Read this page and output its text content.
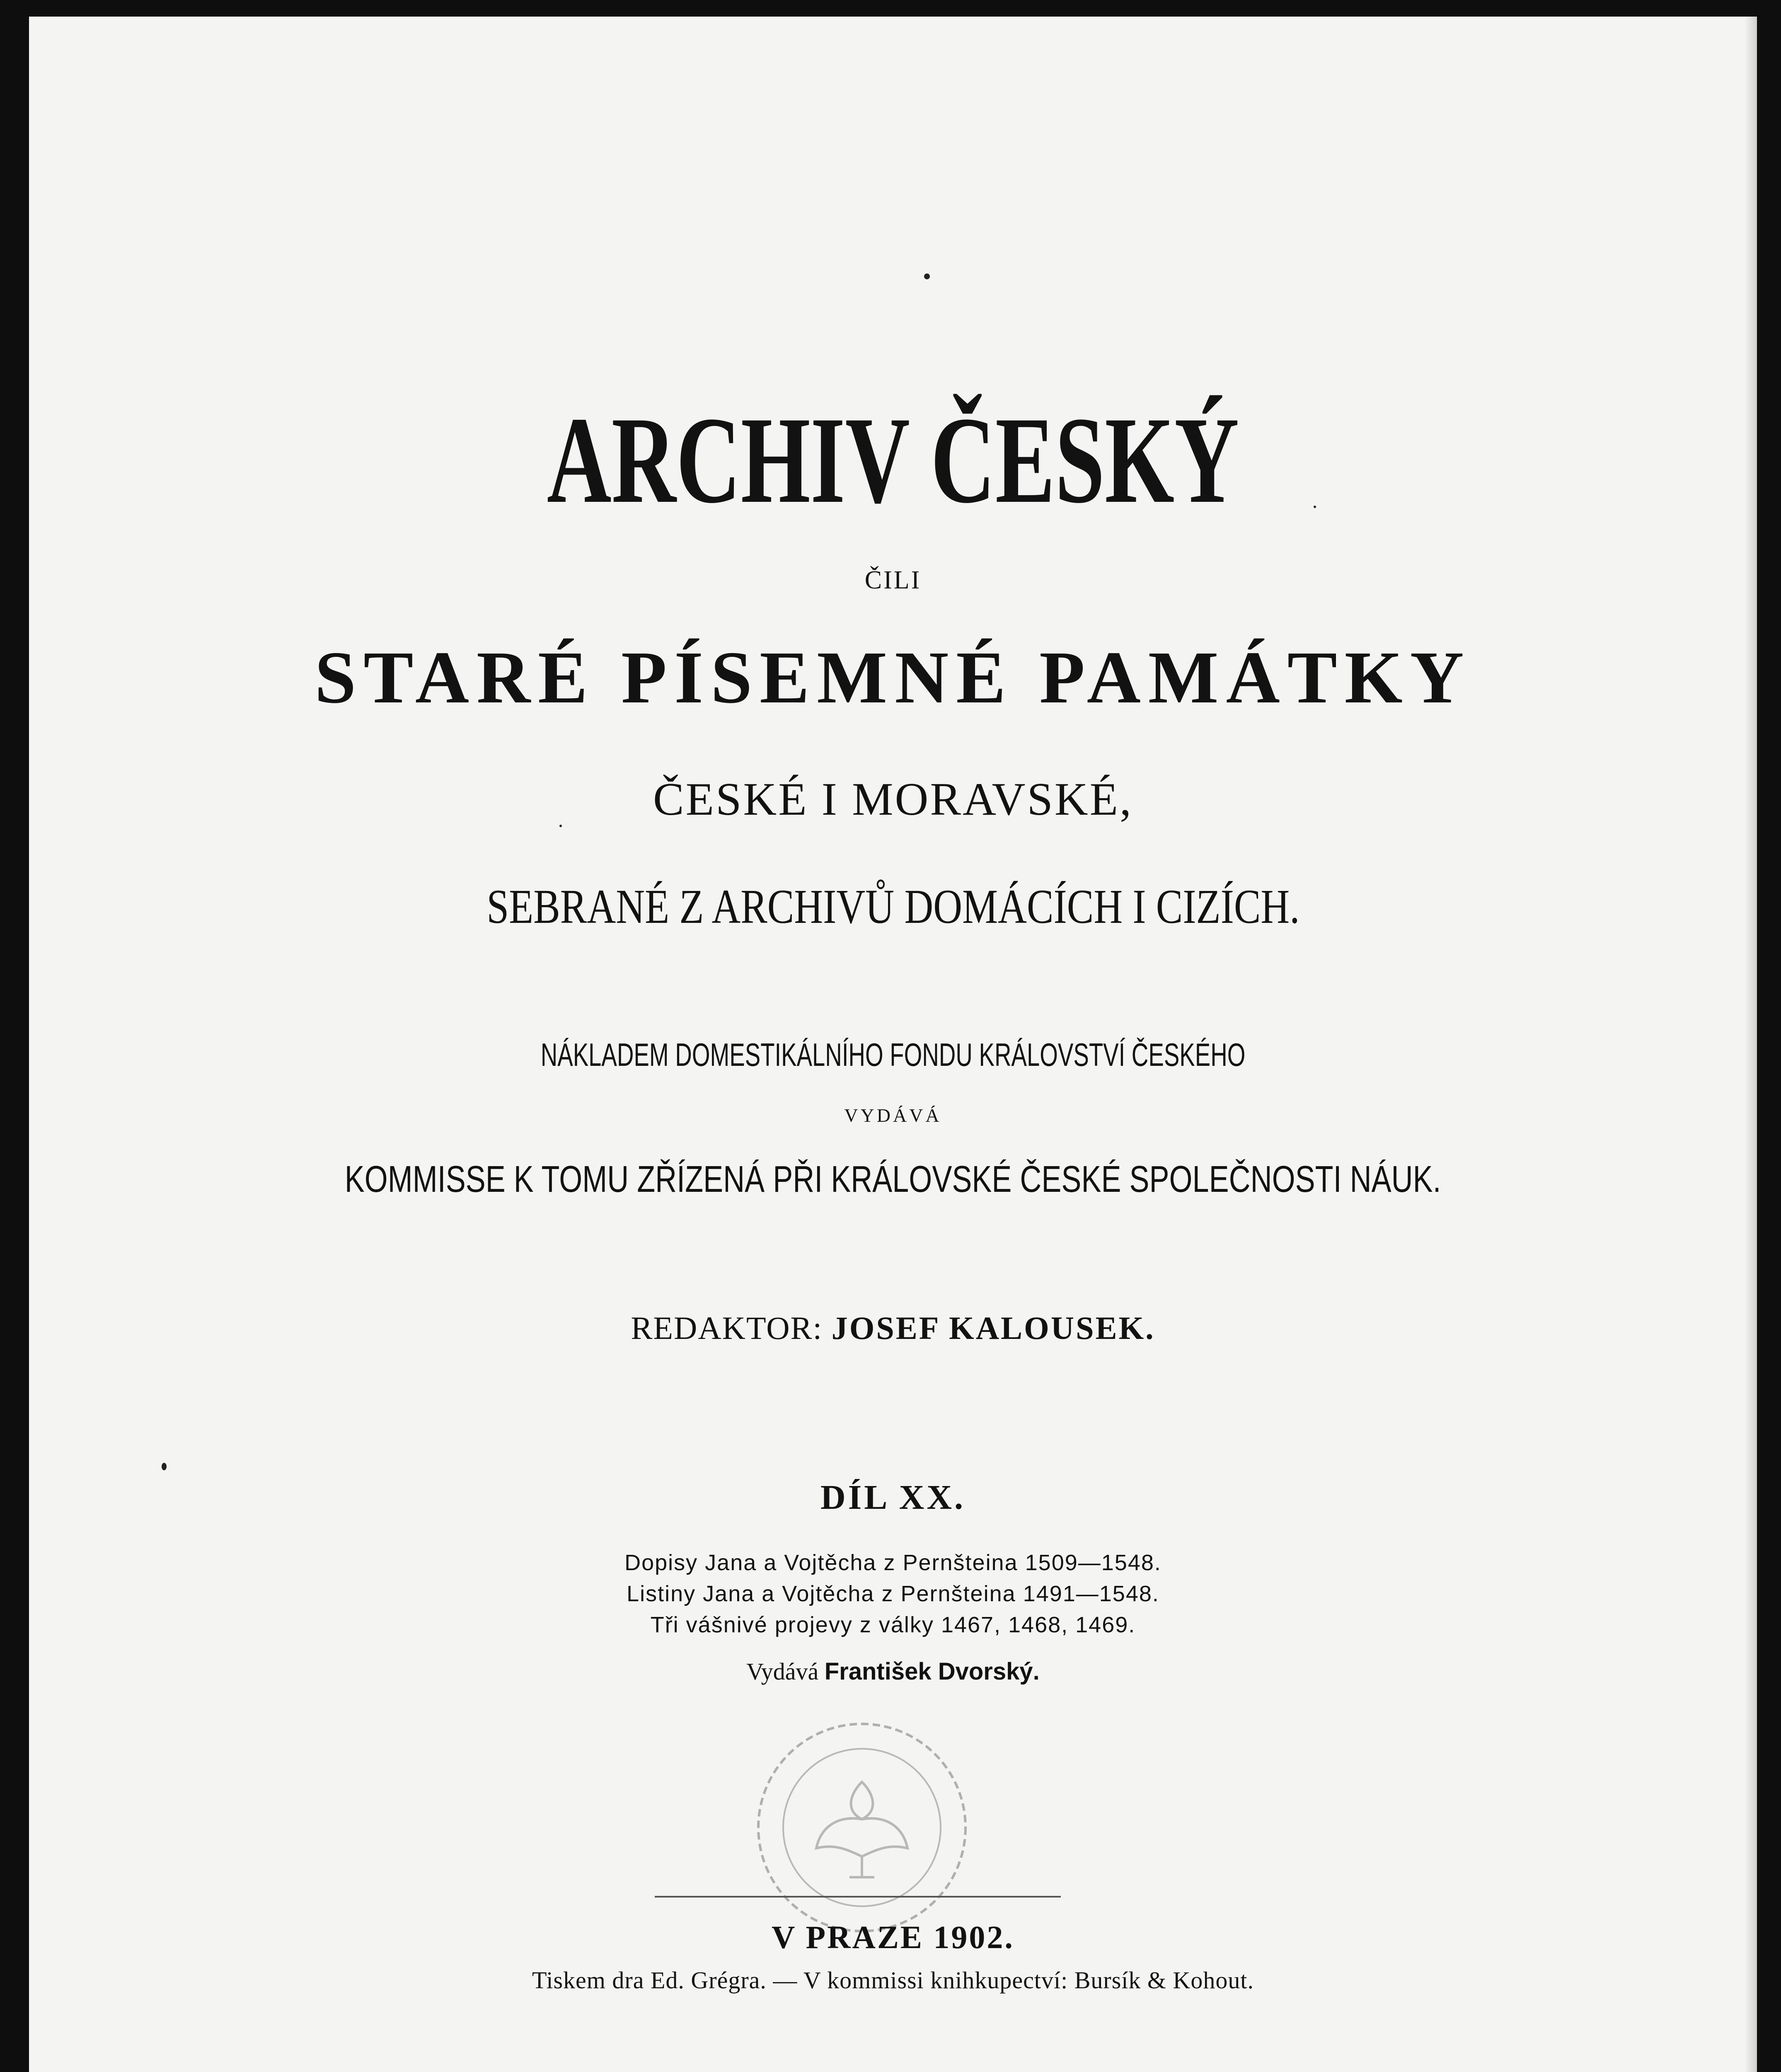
ARCHIV ČESKÝ

ČILI

STARÉ PÍSEMNÉ PAMÁTKY

ČESKÉ I MORAVSKÉ,

SEBRANÉ Z ARCHIVŮ DOMÁCÍCH I CIZÍCH.

NÁKLADEM DOMESTIKÁLNÍHO FONDU KRÁLOVSTVÍ ČESKÉHO

VYDÁVÁ

KOMMISSE K TOMU ZŘÍZENÁ PŘI KRÁLOVSKÉ ČESKÉ SPOLEČNOSTI NÁUK.

REDAKTOR: JOSEF KALOUSEK.

DÍL XX.

Dopisy Jana a Vojtěcha z Pernšteina 1509—1548.

Listiny Jana a Vojtěcha z Pernšteina 1491—1548.

Tři vášnivé projevy z války 1467, 1468, 1469.

Vydává František Dvorský.

V PRAZE 1902.

Tiskem dra Ed. Grégra. — V kommissi knihkupectví: Bursík & Kohout.
